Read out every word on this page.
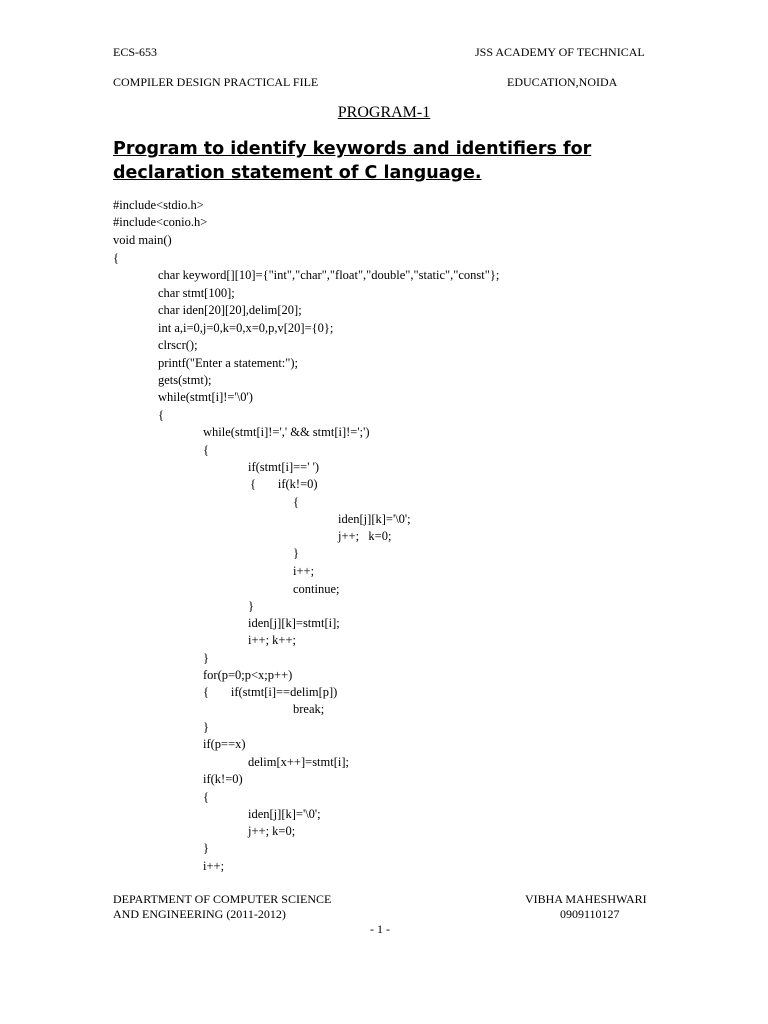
ECS-653	JSS ACADEMY OF TECHNICAL
COMPILER DESIGN PRACTICAL FILE	EDUCATION,NOIDA
PROGRAM-1
Program to identify keywords and identifiers for
declaration statement of C language.
#include<stdio.h>
#include<conio.h>
void main()
{
char keyword[][10]={"int","char","float","double","static","const"};
char stmt[100];
char iden[20][20],delim[20];
int a,i=0,j=0,k=0,x=0,p,v[20]={0};
clrscr();
printf("Enter a statement:");
gets(stmt);
while(stmt[i]!='\0')
{
while(stmt[i]!=',' && stmt[i]!=';')
{
if(stmt[i]==' ')
{       if(k!=0)
{
iden[j][k]='\0';
j++;   k=0;
}
i++;
continue;
}
iden[j][k]=stmt[i];
i++; k++;
}
for(p=0;p<x;p++)
{       if(stmt[i]==delim[p])
break;
}
if(p==x)
delim[x++]=stmt[i];
if(k!=0)
{
iden[j][k]='\0';
j++; k=0;
}
i++;
DEPARTMENT OF COMPUTER SCIENCE
AND ENGINEERING (2011-2012)
VIBHA MAHESHWARI
0909110127
- 1 -
